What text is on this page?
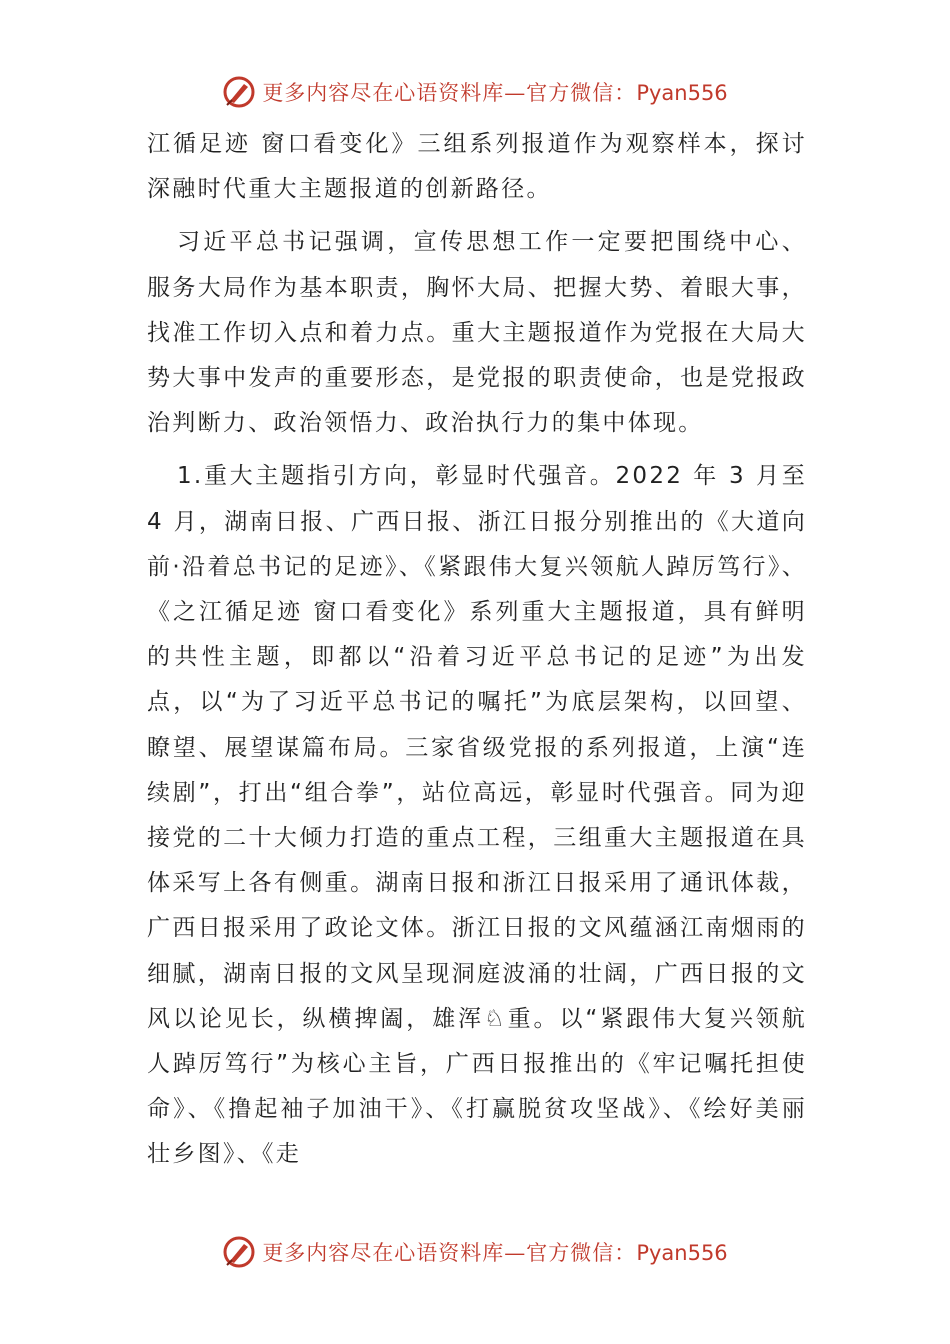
更多内容尽在心语资料库—官方微信：Pyan556

江循足迹 窗口看变化》三组系列报道作为观察样本，探讨深融时代重大主题报道的创新路径。

习近平总书记强调，宣传思想工作一定要把围绕中心、服务大局作为基本职责，胸怀大局、把握大势、着眼大事，找准工作切入点和着力点。重大主题报道作为党报在大局大势大事中发声的重要形态，是党报的职责使命，也是党报政治判断力、政治领悟力、政治执行力的集中体现。

1.重大主题指引方向，彰显时代强音。2022 年 3 月至 4 月，湖南日报、广西日报、浙江日报分别推出的《大道向前·沿着总书记的足迹》、《紧跟伟大复兴领航人踔厉笃行》、《之江循足迹 窗口看变化》系列重大主题报道，具有鲜明的共性主题，即都以“沿着习近平总书记的足迹”为出发点，以“为了习近平总书记的嘱托”为底层架构，以回望、瞭望、展望谋篇布局。三家省级党报的系列报道，上演“连续剧”，打出“组合拳”，站位高远，彰显时代强音。同为迎接党的二十大倾力打造的重点工程，三组重大主题报道在具体采写上各有侧重。湖南日报和浙江日报采用了通讯体裁，广西日报采用了政论文体。浙江日报的文风蕴涵江南烟雨的细腻，湖南日报的文风呈现洞庭波涌的壮阔，广西日报的文风以论见长，纵横捭阖，雄浑♘重。以“紧跟伟大复兴领航人踔厉笃行”为核心主旨，广西日报推出的《牢记嘱托担使命》、《撸起袖子加油干》、《打赢脱贫攻坚战》、《绘好美丽壮乡图》、《走

更多内容尽在心语资料库—官方微信：Pyan556
